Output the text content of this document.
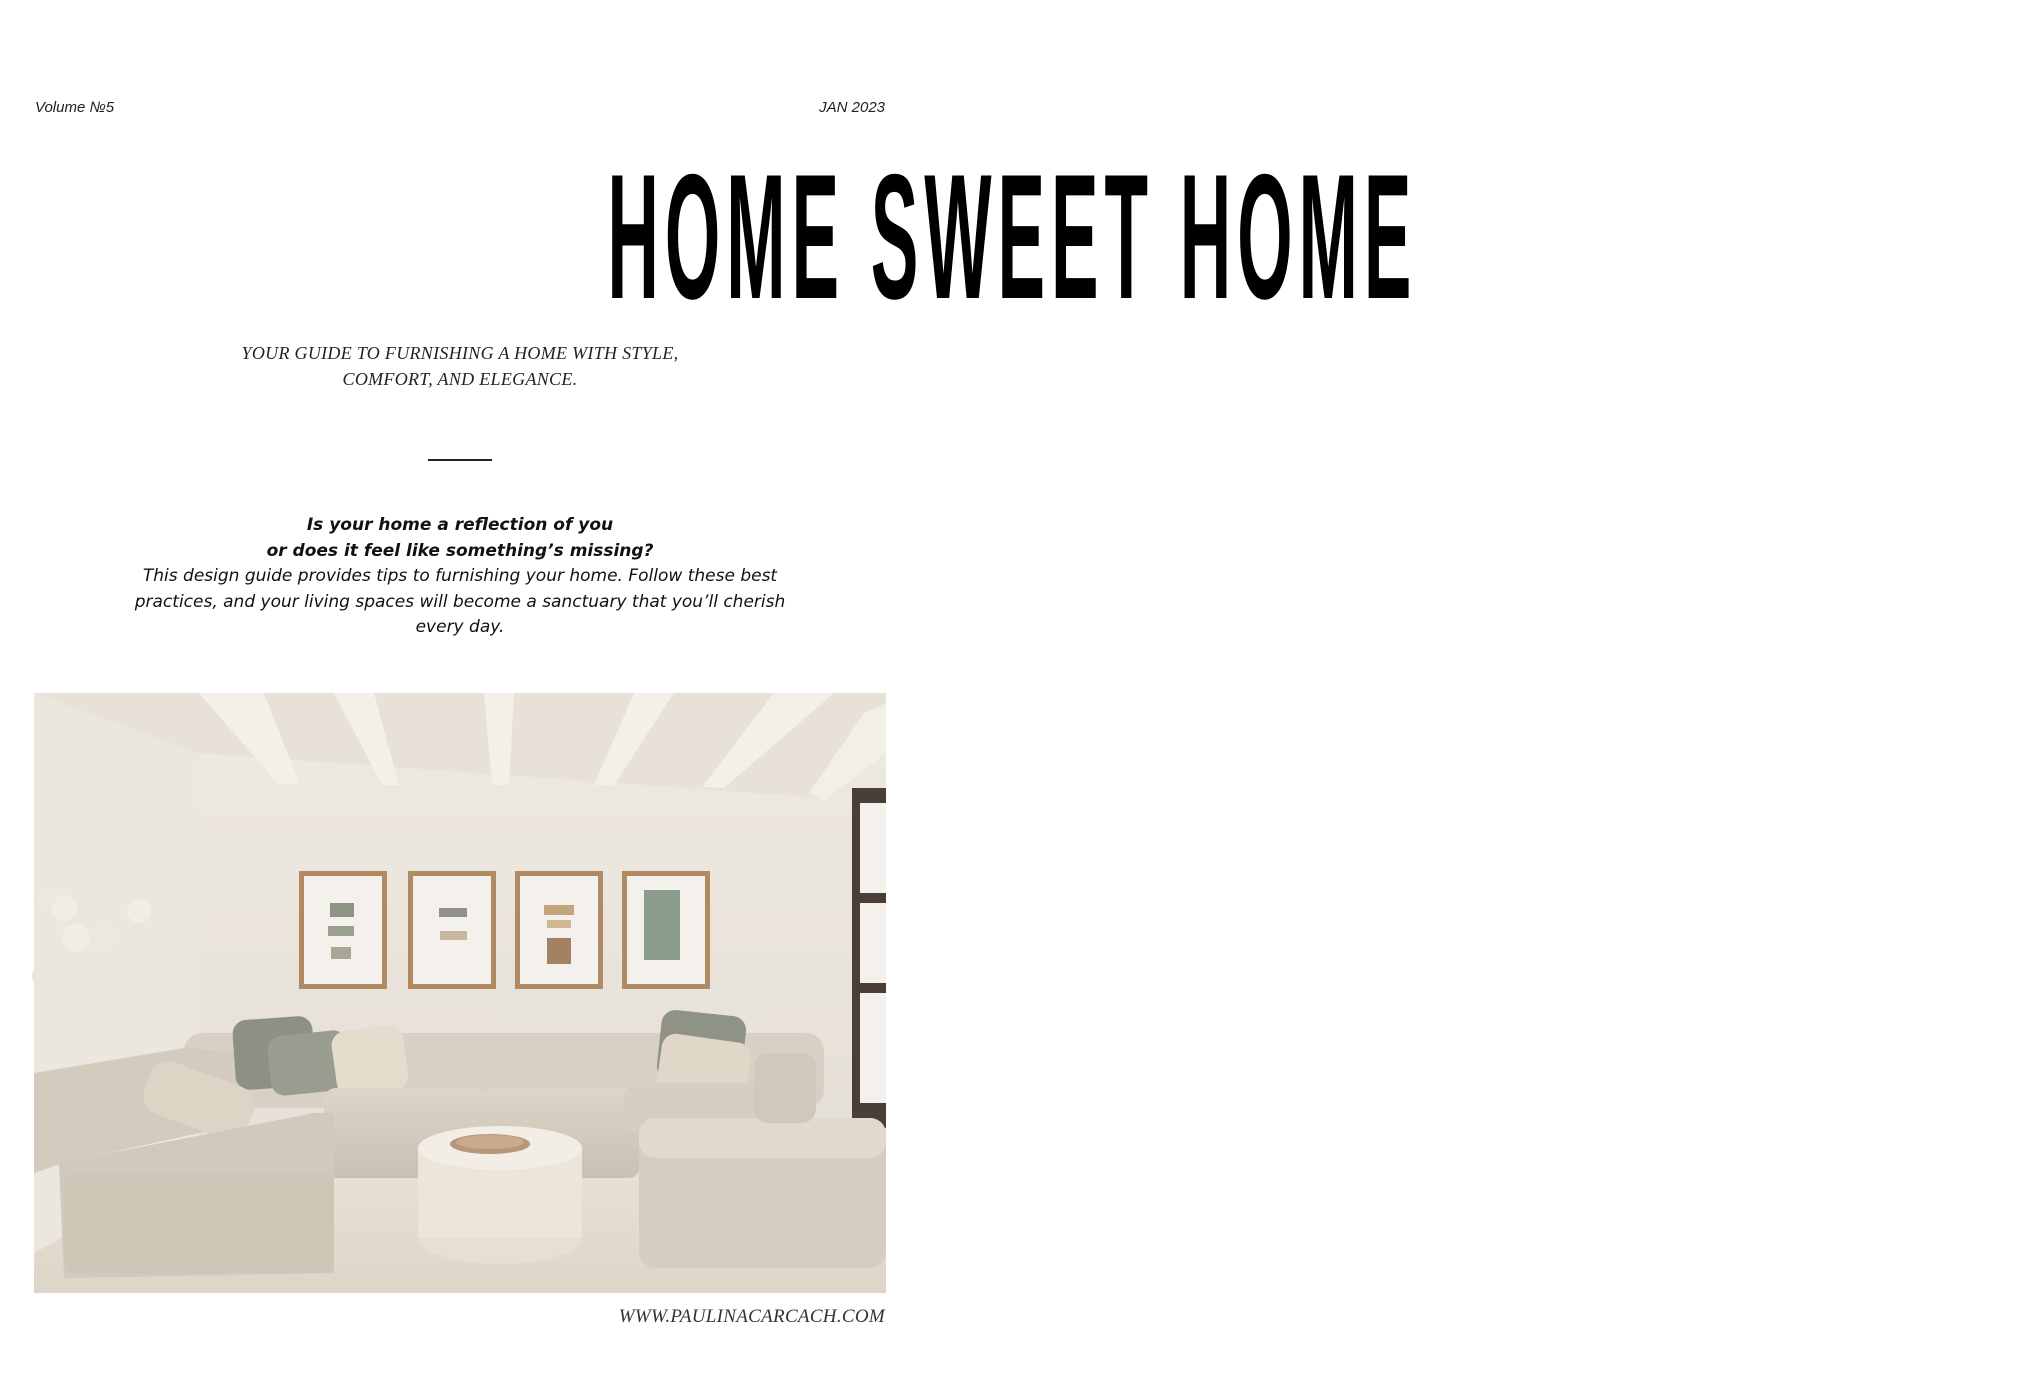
Volume №5	JAN 2023
HOME SWEET HOME
YOUR GUIDE TO FURNISHING A HOME WITH STYLE,
COMFORT, AND ELEGANCE.
Is your home a reflection of you
or does it feel like something’s missing?
This design guide provides tips to furnishing your home. Follow these best practices, and your living spaces will become a sanctuary that you’ll cherish every day.
WWW.PAULINACARCACH.COM
